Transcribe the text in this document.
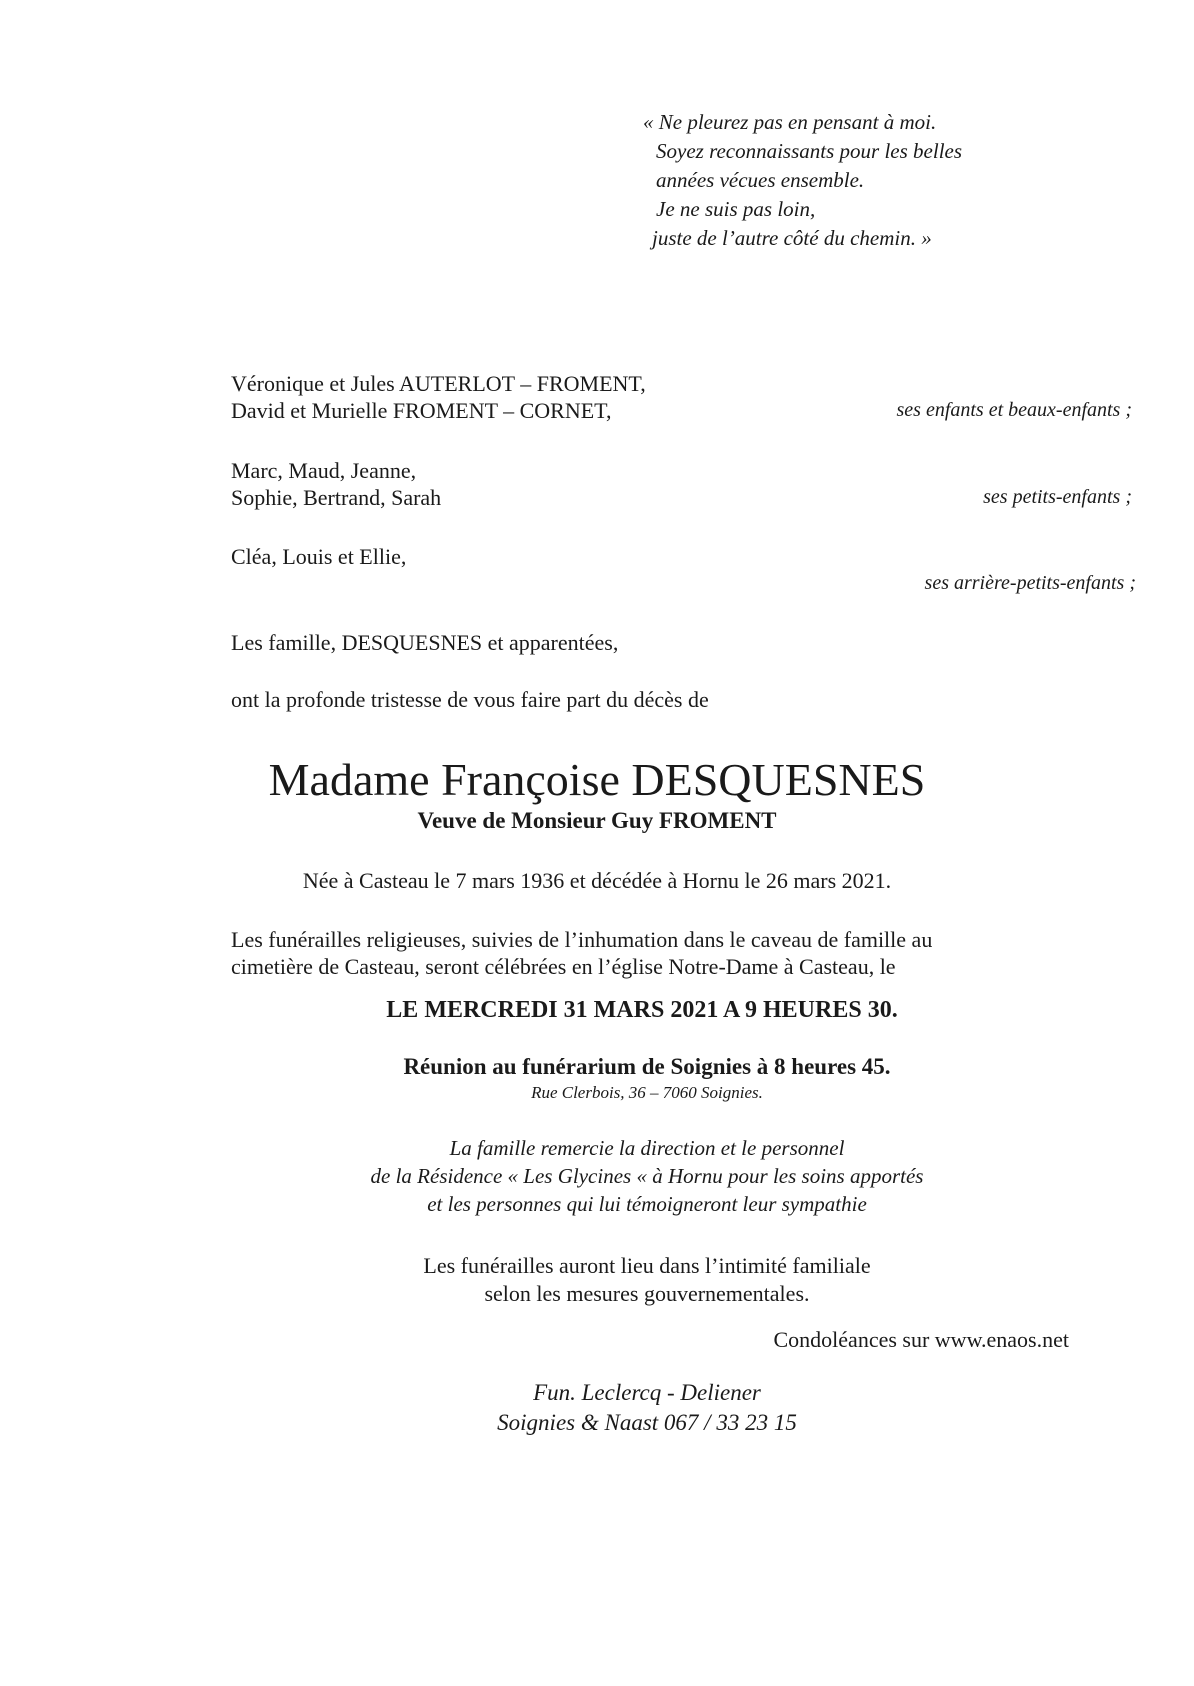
« Ne pleurez pas en pensant à moi.
Soyez reconnaissants pour les belles
années vécues ensemble.
Je ne suis pas loin,
juste de l’autre côté du chemin. »
Véronique et Jules AUTERLOT – FROMENT,
David et Murielle FROMENT – CORNET,	ses enfants et beaux-enfants ;
Marc, Maud, Jeanne,
Sophie, Bertrand, Sarah	ses petits-enfants ;
Cléa, Louis et Ellie,
ses arrière-petits-enfants ;
Les famille, DESQUESNES et apparentées,
ont la profonde tristesse de vous faire part du décès de
Madame Françoise DESQUESNES
Veuve de Monsieur Guy FROMENT
Née à Casteau le 7 mars 1936 et décédée à Hornu le 26 mars 2021.
Les funérailles religieuses, suivies de l’inhumation dans le caveau de famille au
cimetière de Casteau, seront célébrées en l’église Notre-Dame à Casteau, le
LE MERCREDI 31 MARS 2021 A 9 HEURES 30.
Réunion au funérarium de Soignies à 8 heures 45.
Rue Clerbois, 36 – 7060 Soignies.
La famille remercie la direction et le personnel
de la Résidence « Les Glycines « à Hornu pour les soins apportés
et les personnes qui lui témoigneront leur sympathie
Les funérailles auront lieu dans l’intimité familiale
selon les mesures gouvernementales.
Condoléances sur www.enaos.net
Fun. Leclercq - Deliener
Soignies & Naast 067 / 33 23 15
